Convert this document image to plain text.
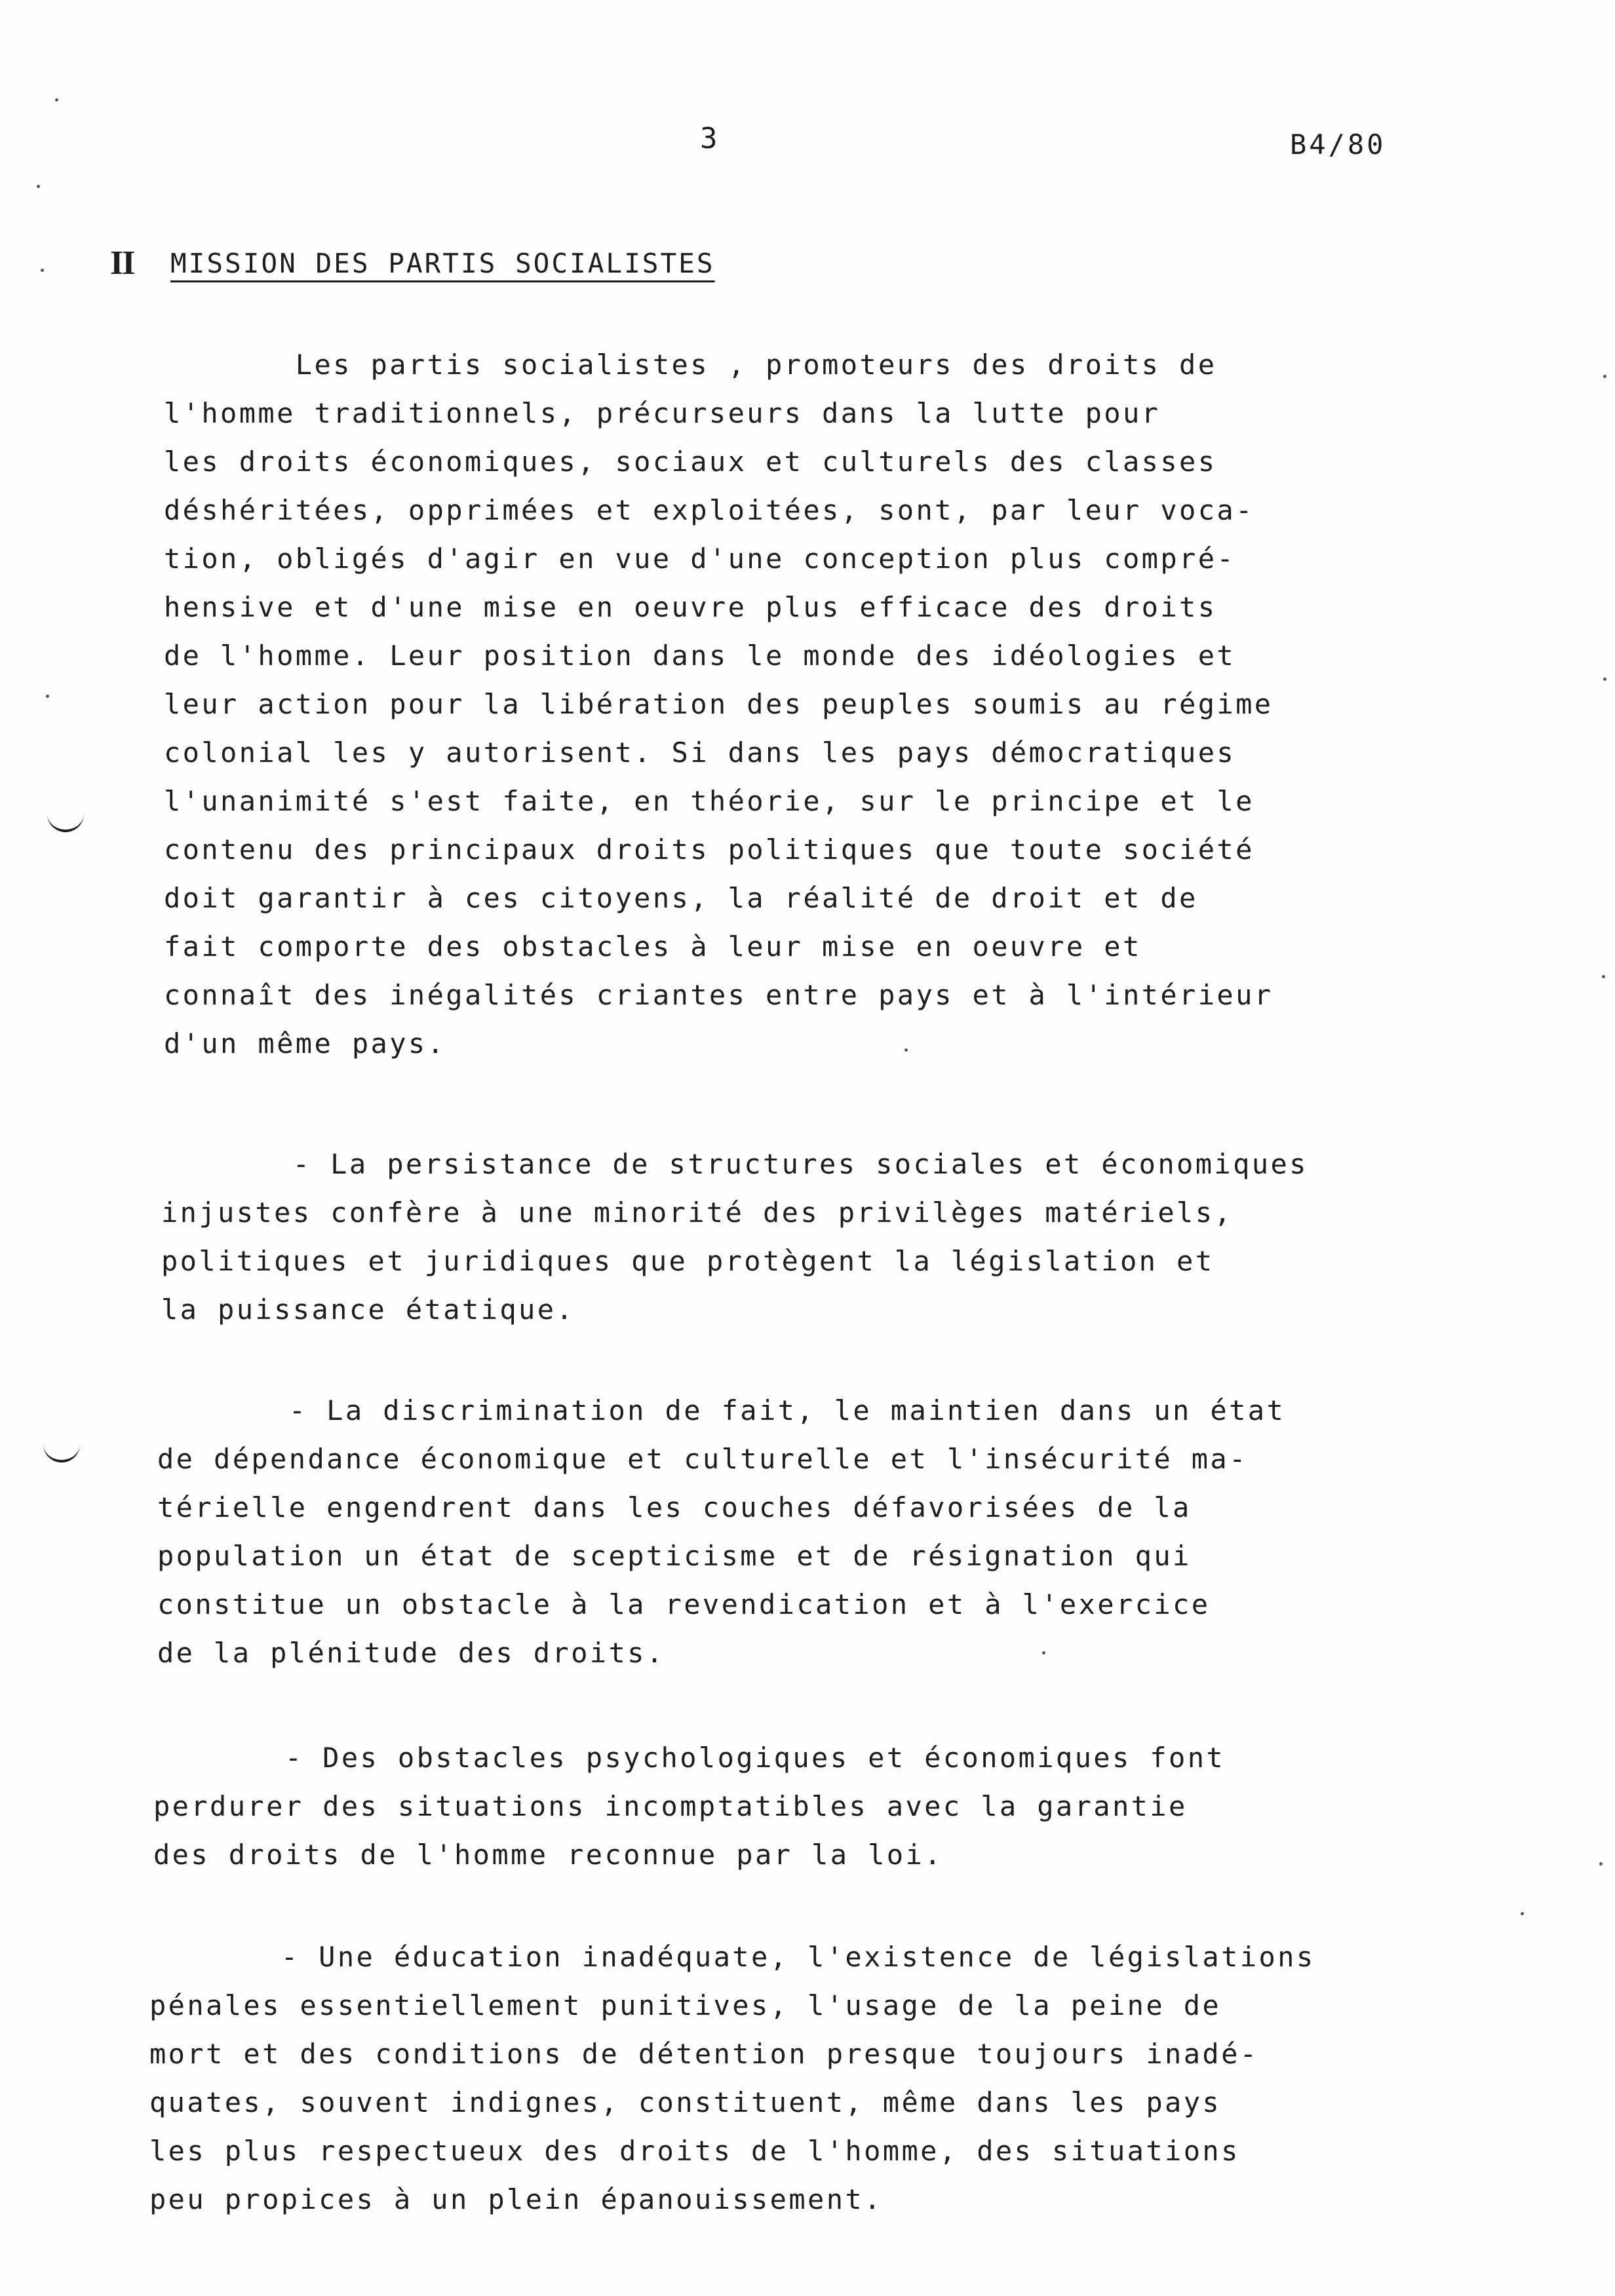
3	B4/80
II MISSION DES PARTIS SOCIALISTES
Les partis socialistes , promoteurs des droits de
l'homme traditionnels, précurseurs dans la lutte pour
les droits économiques, sociaux et culturels des classes
déshéritées, opprimées et exploitées, sont, par leur voca-
tion, obligés d'agir en vue d'une conception plus compré-
hensive et d'une mise en oeuvre plus efficace des droits
de l'homme. Leur position dans le monde des idéologies et
leur action pour la libération des peuples soumis au régime
colonial les y autorisent. Si dans les pays démocratiques
l'unanimité s'est faite, en théorie, sur le principe et le
contenu des principaux droits politiques que toute société
doit garantir à ces citoyens, la réalité de droit et de
fait comporte des obstacles à leur mise en oeuvre et
connaît des inégalités criantes entre pays et à l'intérieur
d'un même pays.
- La persistance de structures sociales et économiques
injustes confère à une minorité des privilèges matériels,
politiques et juridiques que protègent la législation et
la puissance étatique.
- La discrimination de fait, le maintien dans un état
de dépendance économique et culturelle et l'insécurité ma-
térielle engendrent dans les couches défavorisées de la
population un état de scepticisme et de résignation qui
constitue un obstacle à la revendication et à l'exercice
de la plénitude des droits.
- Des obstacles psychologiques et économiques font
perdurer des situations incomptatibles avec la garantie
des droits de l'homme reconnue par la loi.
- Une éducation inadéquate, l'existence de législations
pénales essentiellement punitives, l'usage de la peine de
mort et des conditions de détention presque toujours inadé-
quates, souvent indignes, constituent, même dans les pays
les plus respectueux des droits de l'homme, des situations
peu propices à un plein épanouissement.
